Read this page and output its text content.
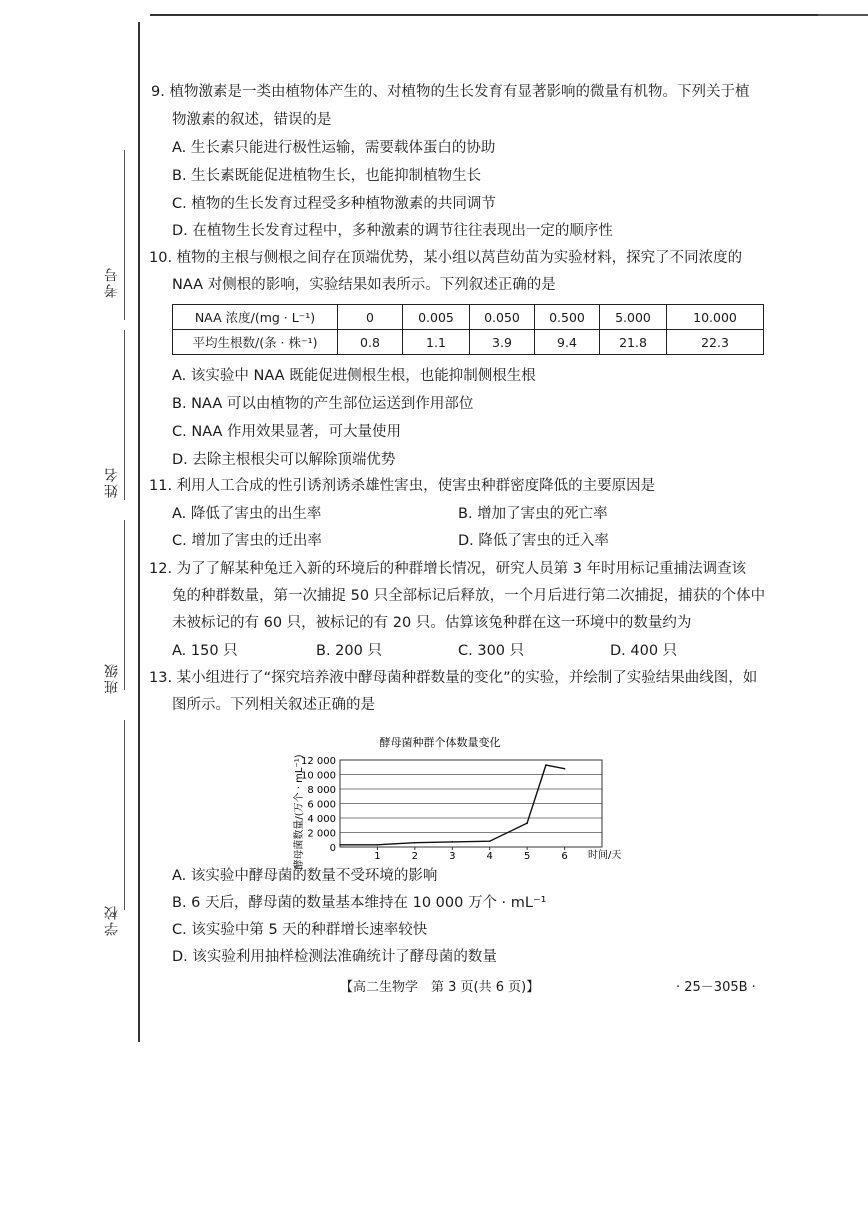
考号
姓名
班级
学校
9. 植物激素是一类由植物体产生的、对植物的生长发育有显著影响的微量有机物。下列关于植
物激素的叙述，错误的是
A. 生长素只能进行极性运输，需要载体蛋白的协助
B. 生长素既能促进植物生长，也能抑制植物生长
C. 植物的生长发育过程受多种植物激素的共同调节
D. 在植物生长发育过程中，多种激素的调节往往表现出一定的顺序性
10. 植物的主根与侧根之间存在顶端优势，某小组以莴苣幼苗为实验材料，探究了不同浓度的
NAA 对侧根的影响，实验结果如表所示。下列叙述正确的是
NAA 浓度/(mg · L⁻¹)	0	0.005	0.050	0.500	5.000	10.000
平均生根数/(条 · 株⁻¹)	0.8	1.1	3.9	9.4	21.8	22.3
A. 该实验中 NAA 既能促进侧根生根，也能抑制侧根生根
B. NAA 可以由植物的产生部位运送到作用部位
C. NAA 作用效果显著，可大量使用
D. 去除主根根尖可以解除顶端优势
11. 利用人工合成的性引诱剂诱杀雄性害虫，使害虫种群密度降低的主要原因是
A. 降低了害虫的出生率	B. 增加了害虫的死亡率
C. 增加了害虫的迁出率	D. 降低了害虫的迁入率
12. 为了了解某种兔迁入新的环境后的种群增长情况，研究人员第 3 年时用标记重捕法调查该
兔的种群数量，第一次捕捉 50 只全部标记后释放，一个月后进行第二次捕捉，捕获的个体中
未被标记的有 60 只，被标记的有 20 只。估算该兔种群在这一环境中的数量约为
A. 150 只	B. 200 只	C. 300 只	D. 400 只
13. 某小组进行了“探究培养液中酵母菌种群数量的变化”的实验，并绘制了实验结果曲线图，如
图所示。下列相关叙述正确的是
酵母菌种群个体数量变化
酵母菌数量/(万个 · mL⁻¹)	时间/天
0
2 000
4 000
6 000
8 000
10 000
12 000
1	2	3	4	5	6
A. 该实验中酵母菌的数量不受环境的影响
B. 6 天后，酵母菌的数量基本维持在 10 000 万个 · mL⁻¹
C. 该实验中第 5 天的种群增长速率较快
D. 该实验利用抽样检测法准确统计了酵母菌的数量
【高二生物学　第 3 页(共 6 页)】	· 25－305B ·
